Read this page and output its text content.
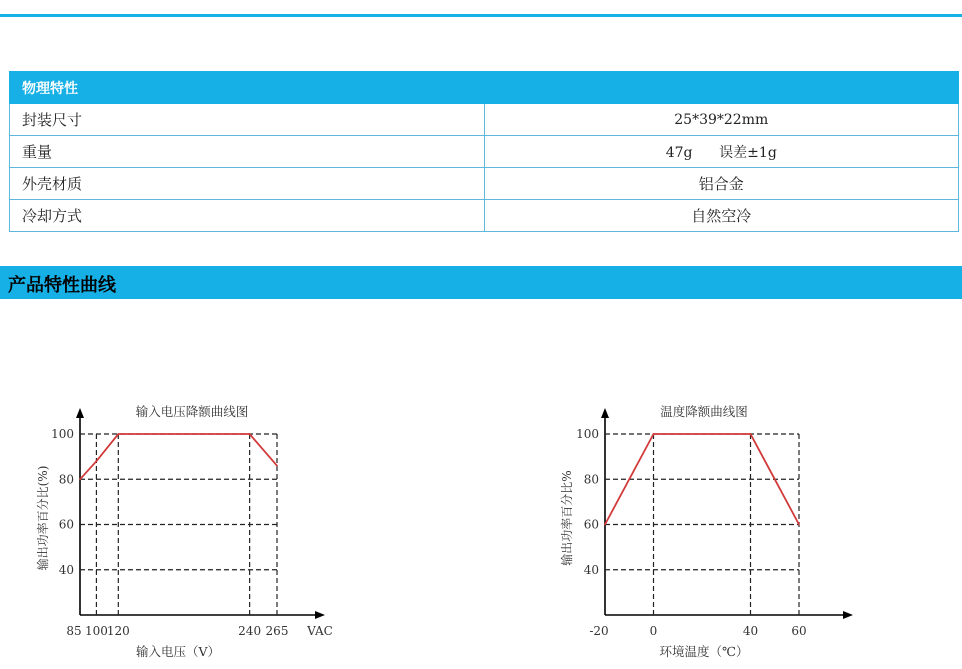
物理特性	
封装尺寸	25*39*22mm
重量	47g      误差±1g
外壳材质	铝合金
冷却方式	自然空冷
产品特性曲线
输入电压降额曲线图
40
60
80
100
85 100
120	240 265 VAC
输入电压（V）
输出功率百分比(%)
温度降额曲线图
40
60
80
100
-20	0	40	60
环境温度（℃）
输出功率百分比%
